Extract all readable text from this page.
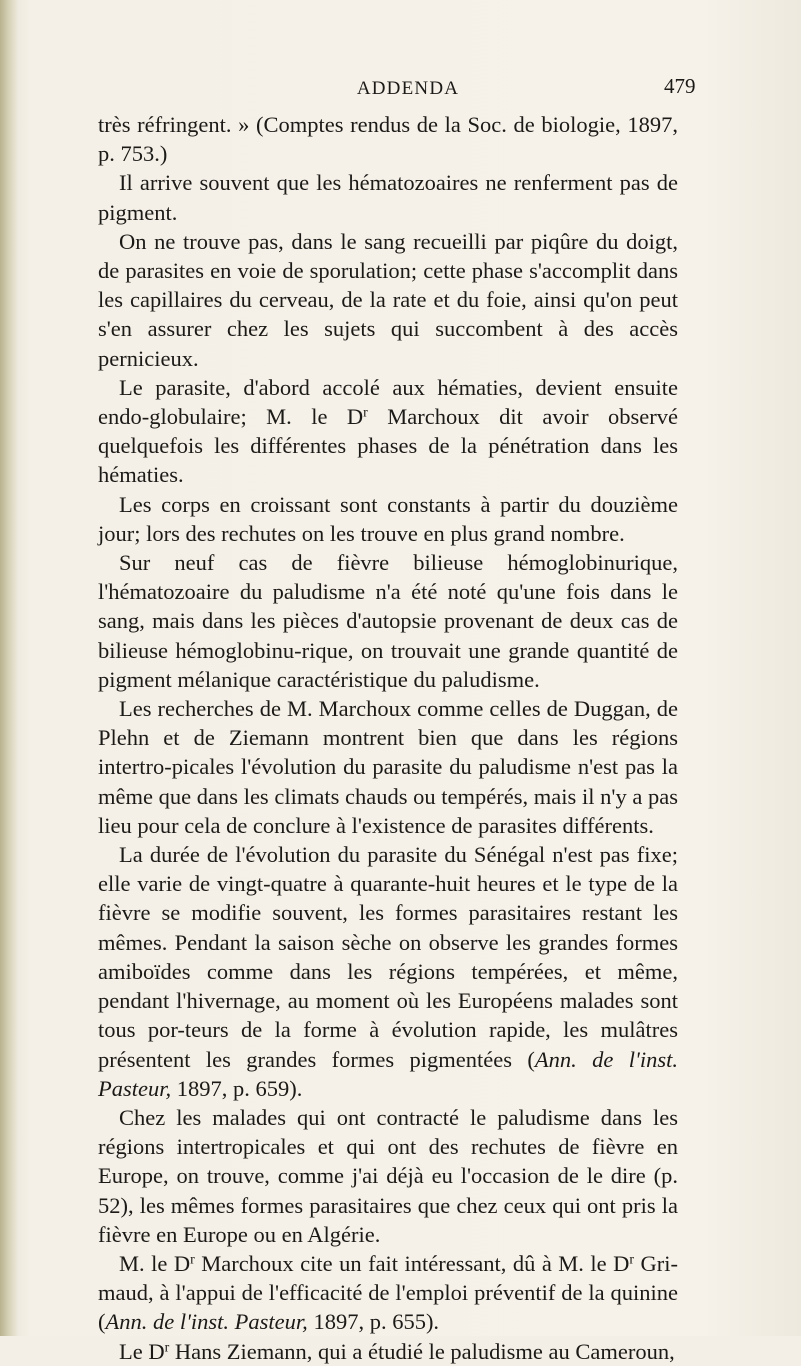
ADDENDA	479

très réfringent. » (Comptes rendus de la Soc. de biologie, 1897, p. 753.)

Il arrive souvent que les hématozoaires ne renferment pas de pigment.

On ne trouve pas, dans le sang recueilli par piqûre du doigt, de parasites en voie de sporulation; cette phase s'accomplit dans les capillaires du cerveau, de la rate et du foie, ainsi qu'on peut s'en assurer chez les sujets qui succombent à des accès pernicieux.

Le parasite, d'abord accolé aux hématies, devient ensuite endo-globulaire; M. le $D^r$ Marchoux dit avoir observé quelquefois les différentes phases de la pénétration dans les hématies.

Les corps en croissant sont constants à partir du douzième jour; lors des rechutes on les trouve en plus grand nombre.

Sur neuf cas de fièvre bilieuse hémoglobinurique, l'hématozoaire du paludisme n'a été noté qu'une fois dans le sang, mais dans les pièces d'autopsie provenant de deux cas de bilieuse hémoglobinu-rique, on trouvait une grande quantité de pigment mélanique caractéristique du paludisme.

Les recherches de M. Marchoux comme celles de Duggan, de Plehn et de Ziemann montrent bien que dans les régions intertro-picales l'évolution du parasite du paludisme n'est pas la même que dans les climats chauds ou tempérés, mais il n'y a pas lieu pour cela de conclure à l'existence de parasites différents.

La durée de l'évolution du parasite du Sénégal n'est pas fixe; elle varie de vingt-quatre à quarante-huit heures et le type de la fièvre se modifie souvent, les formes parasitaires restant les mêmes. Pendant la saison sèche on observe les grandes formes amiboïdes comme dans les régions tempérées, et même, pendant l'hivernage, au moment où les Européens malades sont tous por-teurs de la forme à évolution rapide, les mulâtres présentent les grandes formes pigmentées (Ann. de l'inst. Pasteur, 1897, p. 659).

Chez les malades qui ont contracté le paludisme dans les régions intertropicales et qui ont des rechutes de fièvre en Europe, on trouve, comme j'ai déjà eu l'occasion de le dire (p. 52), les mêmes formes parasitaires que chez ceux qui ont pris la fièvre en Europe ou en Algérie.

M. le $D^r$ Marchoux cite un fait intéressant, dû à M. le $D^r$ Gri-maud, à l'appui de l'efficacité de l'emploi préventif de la quinine (Ann. de l'inst. Pasteur, 1897, p. 655).

Le $D^r$ Hans Ziemann, qui a étudié le paludisme au Cameroun,
